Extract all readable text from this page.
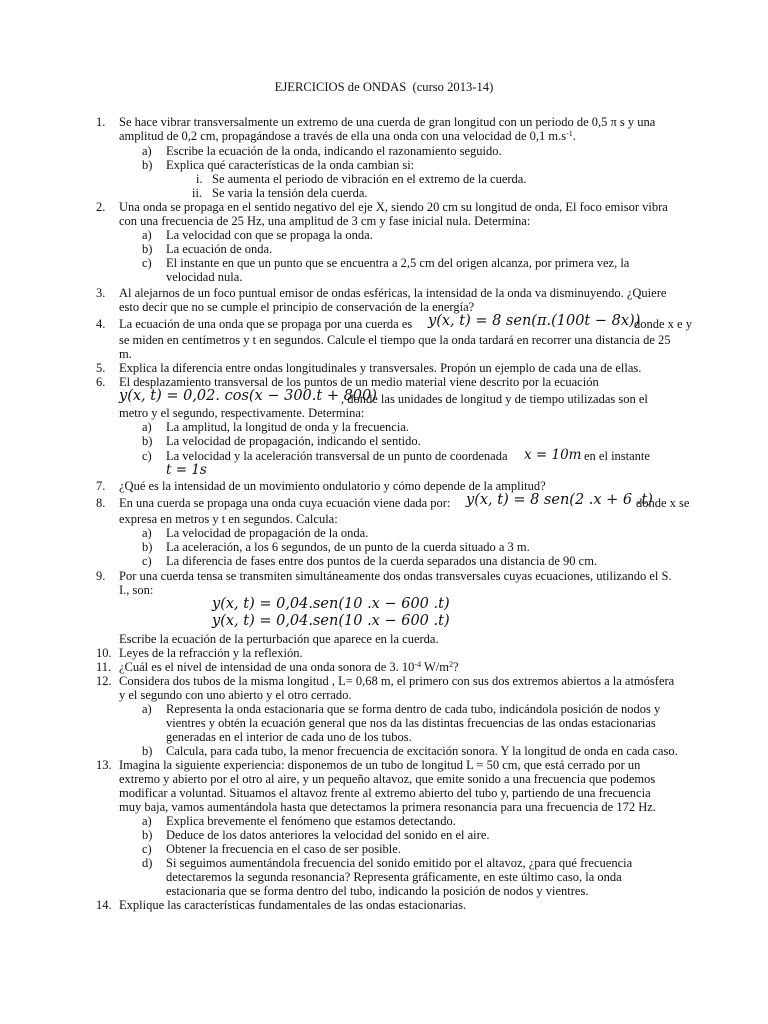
EJERCICIOS de ONDAS  (curso 2013-14)
1. Se hace vibrar transversalmente un extremo de una cuerda de gran longitud con un periodo de 0,5 π s y una
amplitud de 0,2 cm, propagándose a través de ella una onda con una velocidad de 0,1 $m.s^{-1}$.
a) Escribe la ecuación de la onda, indicando el razonamiento seguido.
b) Explica qué características de la onda cambian si:
i. Se aumenta el periodo de vibración en el extremo de la cuerda.
ii. Se varia la tensión dela cuerda.
2. Una onda se propaga en el sentido negativo del eje X, siendo 20 cm su longitud de onda, El foco emisor vibra
con una frecuencia de 25 Hz, una amplitud de 3 cm y fase inicial nula. Determina:
a) La velocidad con que se propaga la onda.
b) La ecuación de onda.
c) El instante en que un punto que se encuentra a 2,5 cm del origen alcanza, por primera vez, la
velocidad nula.
3. Al alejarnos de un foco puntual emisor de ondas esféricas, la intensidad de la onda va disminuyendo. ¿Quiere
esto decir que no se cumple el principio de conservación de la energía?
4. La ecuación de una onda que se propaga por una cuerda es y(x, t) = 8 sen(π.(100t − 8x))
donde x e y
se miden en centímetros y t en segundos. Calcule el tiempo que la onda tardará en recorrer una distancia de 25
m.
5. Explica la diferencia entre ondas longitudinales y transversales. Propón un ejemplo de cada una de ellas.
6. El desplazamiento transversal de los puntos de un medio material viene descrito por la ecuación
y(x, t) = 0,02. cos(x − 300.t + 800)
, donde las unidades de longitud y de tiempo utilizadas son el
metro y el segundo, respectivamente. Determina:
a) La amplitud, la longitud de onda y la frecuencia.
b) La velocidad de propagación, indicando el sentido.
c) La velocidad y la aceleración transversal de un punto de coordenada x = 10m en el instante
t = 1s
7. ¿Qué es la intensidad de un movimiento ondulatorio y cómo depende de la amplitud?
8. En una cuerda se propaga una onda cuya ecuación viene dada por: y(x, t) = 8 sen(2 .x + 6 .t)
donde x se
expresa en metros y t en segundos. Calcula:
a) La velocidad de propagación de la onda.
b) La aceleración, a los 6 segundos, de un punto de la cuerda situado a 3 m.
c) La diferencia de fases entre dos puntos de la cuerda separados una distancia de 90 cm.
9. Por una cuerda tensa se transmiten simultáneamente dos ondas transversales cuyas ecuaciones, utilizando el S.
I., son:
y(x, t) = 0,04.sen(10 .x − 600 .t)
y(x, t) = 0,04.sen(10 .x − 600 .t)
Escribe la ecuación de la perturbación que aparece en la cuerda.
10. Leyes de la refracción y la reflexión.
11. ¿Cuál es el nivel de intensidad de una onda sonora de 3. $10^{-4}$ $W/m^2$?
12. Considera dos tubos de la misma longitud , L= 0,68 m, el primero con sus dos extremos abiertos a la atmósfera
y el segundo con uno abierto y el otro cerrado.
a) Representa la onda estacionaria que se forma dentro de cada tubo, indicándola posición de nodos y
vientres y obtén la ecuación general que nos da las distintas frecuencias de las ondas estacionarias
generadas en el interior de cada uno de los tubos.
b) Calcula, para cada tubo, la menor frecuencia de excitación sonora. Y la longitud de onda en cada caso.
13. Imagina la siguiente experiencia: disponemos de un tubo de longitud L = 50 cm, que está cerrado por un
extremo y abierto por el otro al aire, y un pequeño altavoz, que emite sonido a una frecuencia que podemos
modificar a voluntad. Situamos el altavoz frente al extremo abierto del tubo y, partiendo de una frecuencia
muy baja, vamos aumentándola hasta que detectamos la primera resonancia para una frecuencia de 172 Hz.
a) Explica brevemente el fenómeno que estamos detectando.
b) Deduce de los datos anteriores la velocidad del sonido en el aire.
c) Obtener la frecuencia en el caso de ser posible.
d) Si seguimos aumentándola frecuencia del sonido emitido por el altavoz, ¿para qué frecuencia
detectaremos la segunda resonancia? Representa gráficamente, en este último caso, la onda
estacionaria que se forma dentro del tubo, indicando la posición de nodos y vientres.
14. Explique las características fundamentales de las ondas estacionarias.
